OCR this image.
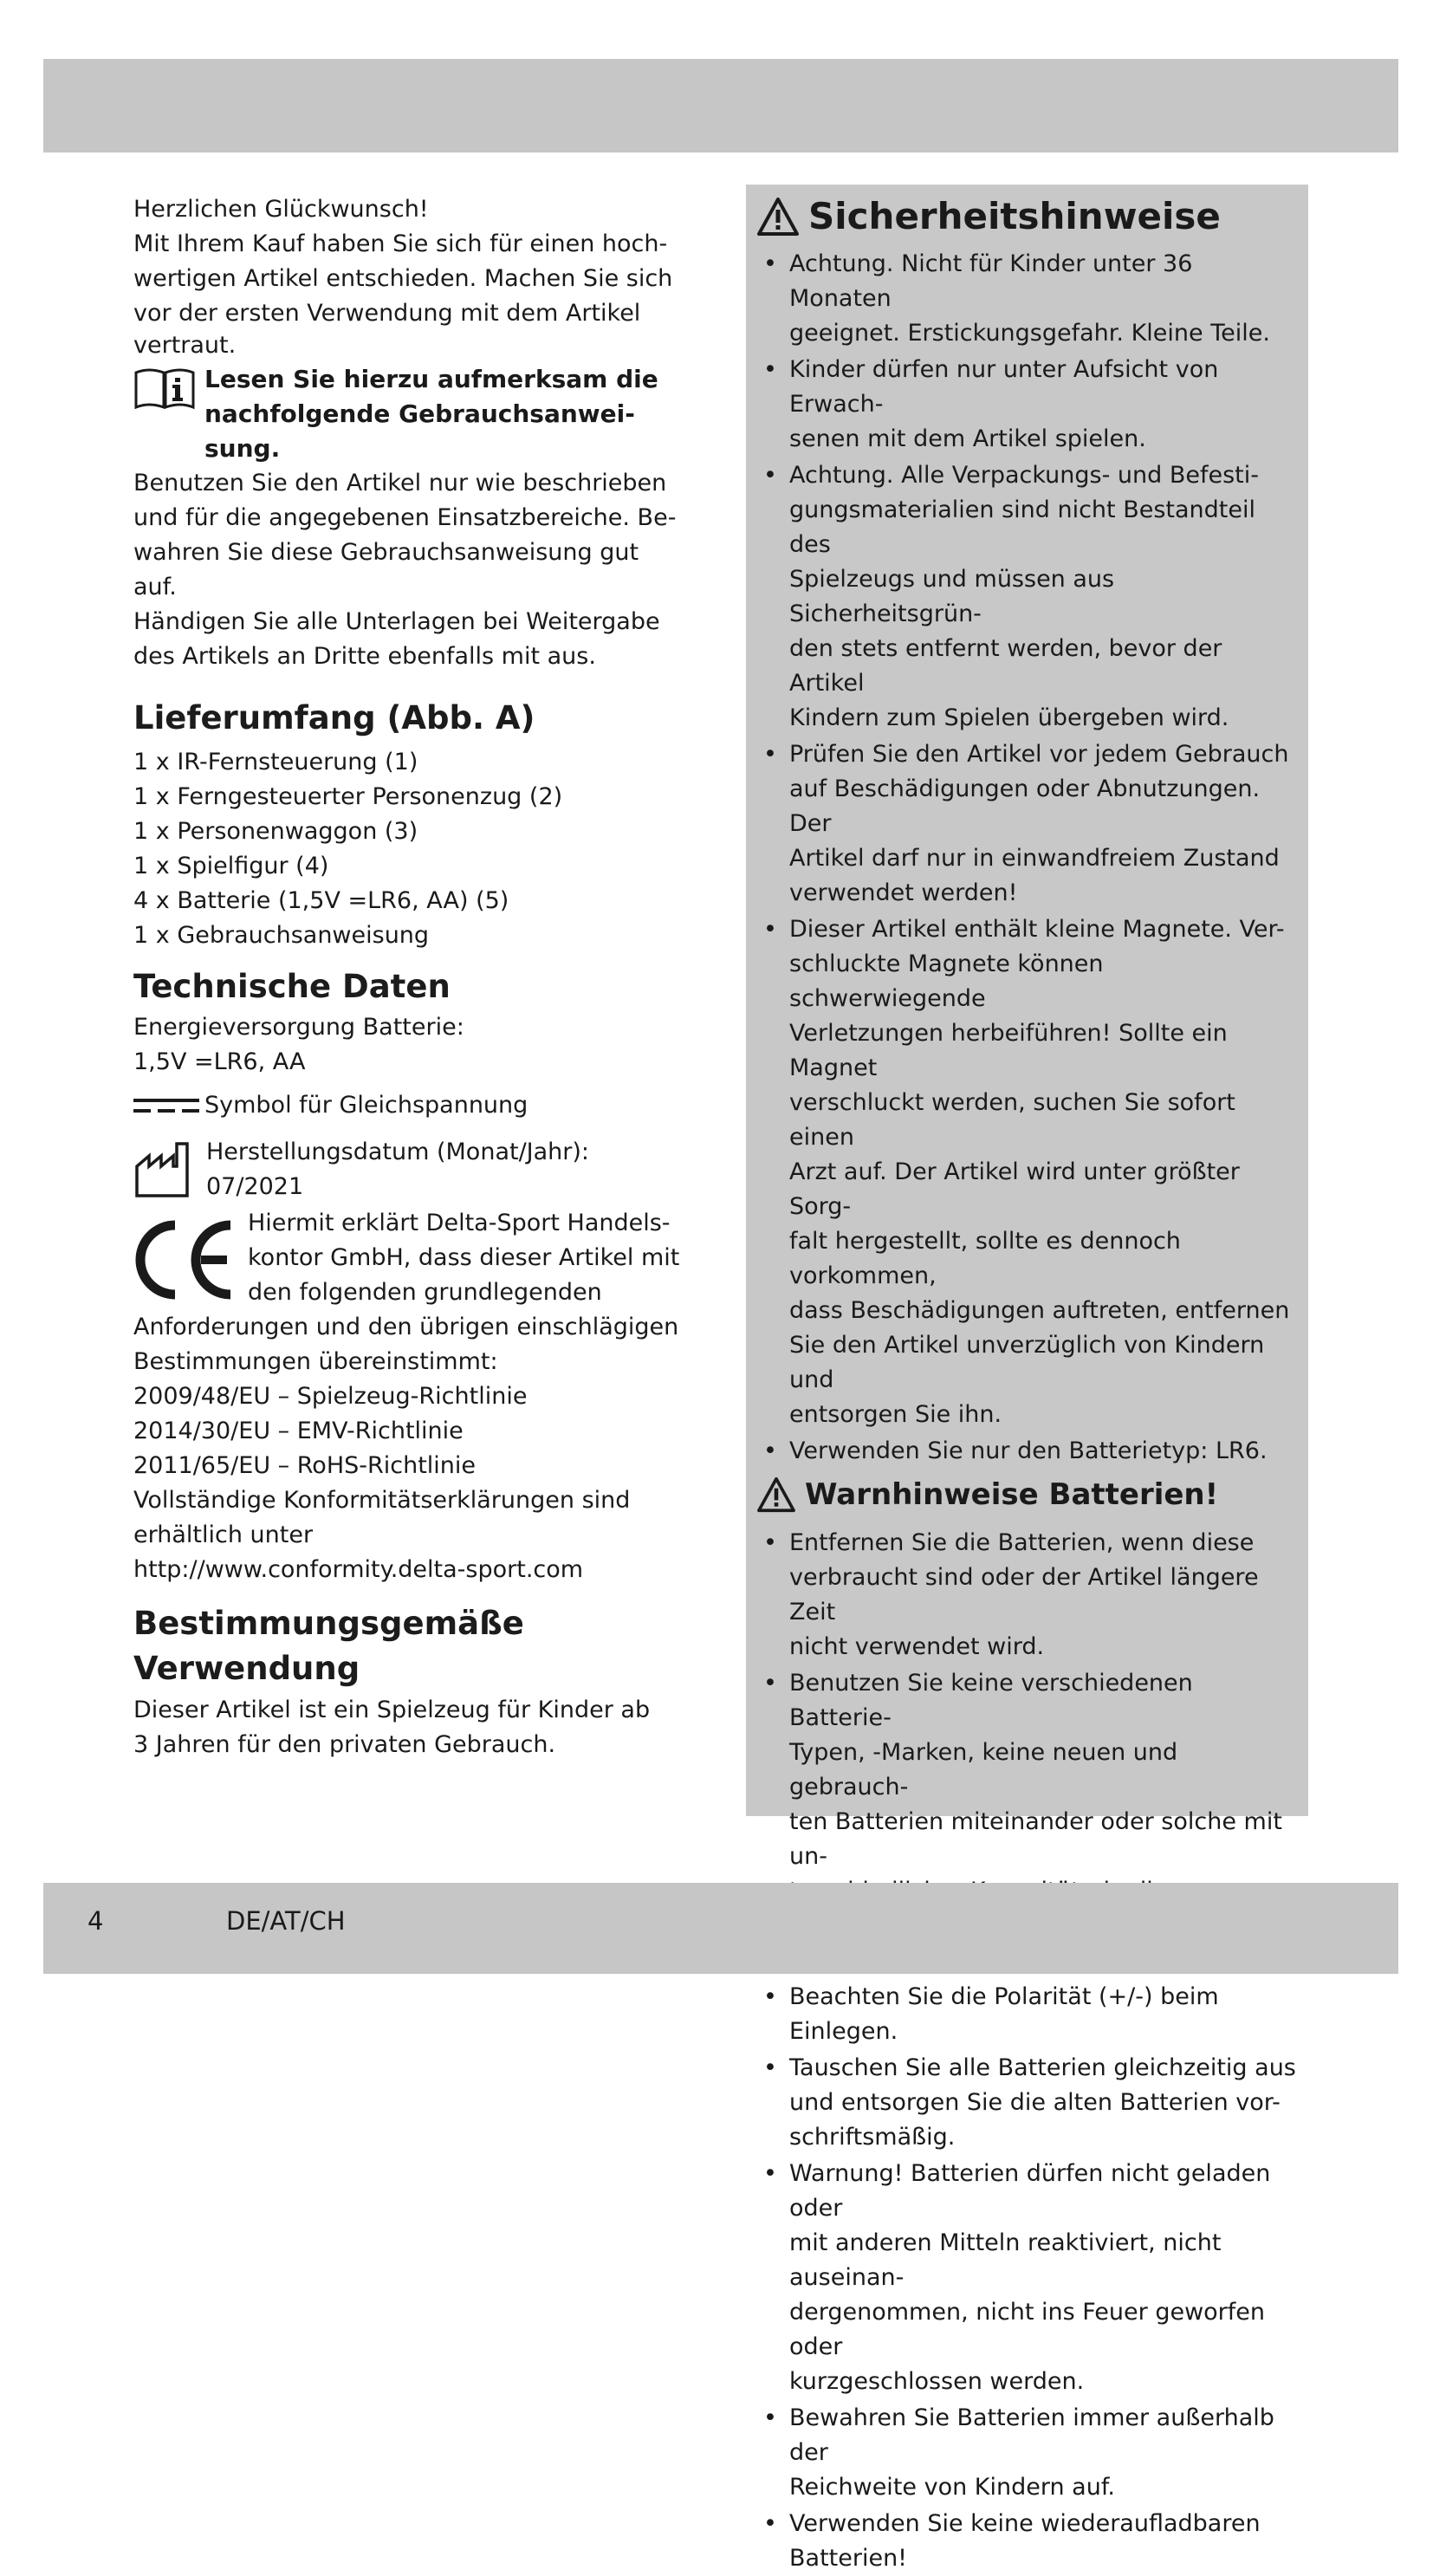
Herzlichen Glückwunsch!

Mit Ihrem Kauf haben Sie sich für einen hoch-

wertigen Artikel entschieden. Machen Sie sich

vor der ersten Verwendung mit dem Artikel

vertraut.

Lesen Sie hierzu aufmerksam die
nachfolgende Gebrauchsanwei-
sung.

Benutzen Sie den Artikel nur wie beschrieben

und für die angegebenen Einsatzbereiche. Be-

wahren Sie diese Gebrauchsanweisung gut auf.

Händigen Sie alle Unterlagen bei Weitergabe

des Artikels an Dritte ebenfalls mit aus.

Lieferumfang (Abb. A)

1 x IR-Fernsteuerung (1)

1 x Ferngesteuerter Personenzug (2)

1 x Personenwaggon (3)

1 x Spielfigur (4)

4 x Batterie (1,5V =LR6, AA) (5)

1 x Gebrauchsanweisung

Technische Daten

Energieversorgung Batterie:

1,5V =LR6, AA

Symbol für Gleichspannung
Herstellungsdatum (Monat/Jahr):
07/2021
Hiermit erklärt Delta-Sport Handels-
kontor GmbH, dass dieser Artikel mit
den folgenden grundlegenden

Anforderungen und den übrigen einschlägigen

Bestimmungen übereinstimmt:

2009/48/EU – Spielzeug-Richtlinie

2014/30/EU – EMV-Richtlinie

2011/65/EU – RoHS-Richtlinie

Vollständige Konformitätserklärungen sind

erhältlich unter

http://www.conformity.delta-sport.com

Bestimmungsgemäße
Verwendung

Dieser Artikel ist ein Spielzeug für Kinder ab

3 Jahren für den privaten Gebrauch.

Sicherheitshinweise
• Achtung. Nicht für Kinder unter 36 Monaten
geeignet. Erstickungsgefahr. Kleine Teile.
• Kinder dürfen nur unter Aufsicht von Erwach-
senen mit dem Artikel spielen.
• Achtung. Alle Verpackungs- und Befesti-
gungsmaterialien sind nicht Bestandteil des
Spielzeugs und müssen aus Sicherheitsgrün-
den stets entfernt werden, bevor der Artikel
Kindern zum Spielen übergeben wird.
• Prüfen Sie den Artikel vor jedem Gebrauch
auf Beschädigungen oder Abnutzungen. Der
Artikel darf nur in einwandfreiem Zustand
verwendet werden!
• Dieser Artikel enthält kleine Magnete. Ver-
schluckte Magnete können schwerwiegende
Verletzungen herbeiführen! Sollte ein Magnet
verschluckt werden, suchen Sie sofort einen
Arzt auf. Der Artikel wird unter größter Sorg-
falt hergestellt, sollte es dennoch vorkommen,
dass Beschädigungen auftreten, entfernen
Sie den Artikel unverzüglich von Kindern und
entsorgen Sie ihn.
• Verwenden Sie nur den Batterietyp: LR6.
Warnhinweise Batterien!
• Entfernen Sie die Batterien, wenn diese
verbraucht sind oder der Artikel längere Zeit
nicht verwendet wird.
• Benutzen Sie keine verschiedenen Batterie-
Typen, -Marken, keine neuen und gebrauch-
ten Batterien miteinander oder solche mit un-
• Beachten Sie die Polarität (+/-) beim Einlegen.
• Tauschen Sie alle Batterien gleichzeitig aus
und entsorgen Sie die alten Batterien vor-
schriftsmäßig.
• Warnung! Batterien dürfen nicht geladen oder
mit anderen Mitteln reaktiviert, nicht auseinan-
dergenommen, nicht ins Feuer geworfen oder
kurzgeschlossen werden.
• Bewahren Sie Batterien immer außerhalb der
Reichweite von Kindern auf.
• Verwenden Sie keine wiederaufladbaren
Batterien!
4	DE/AT/CH
